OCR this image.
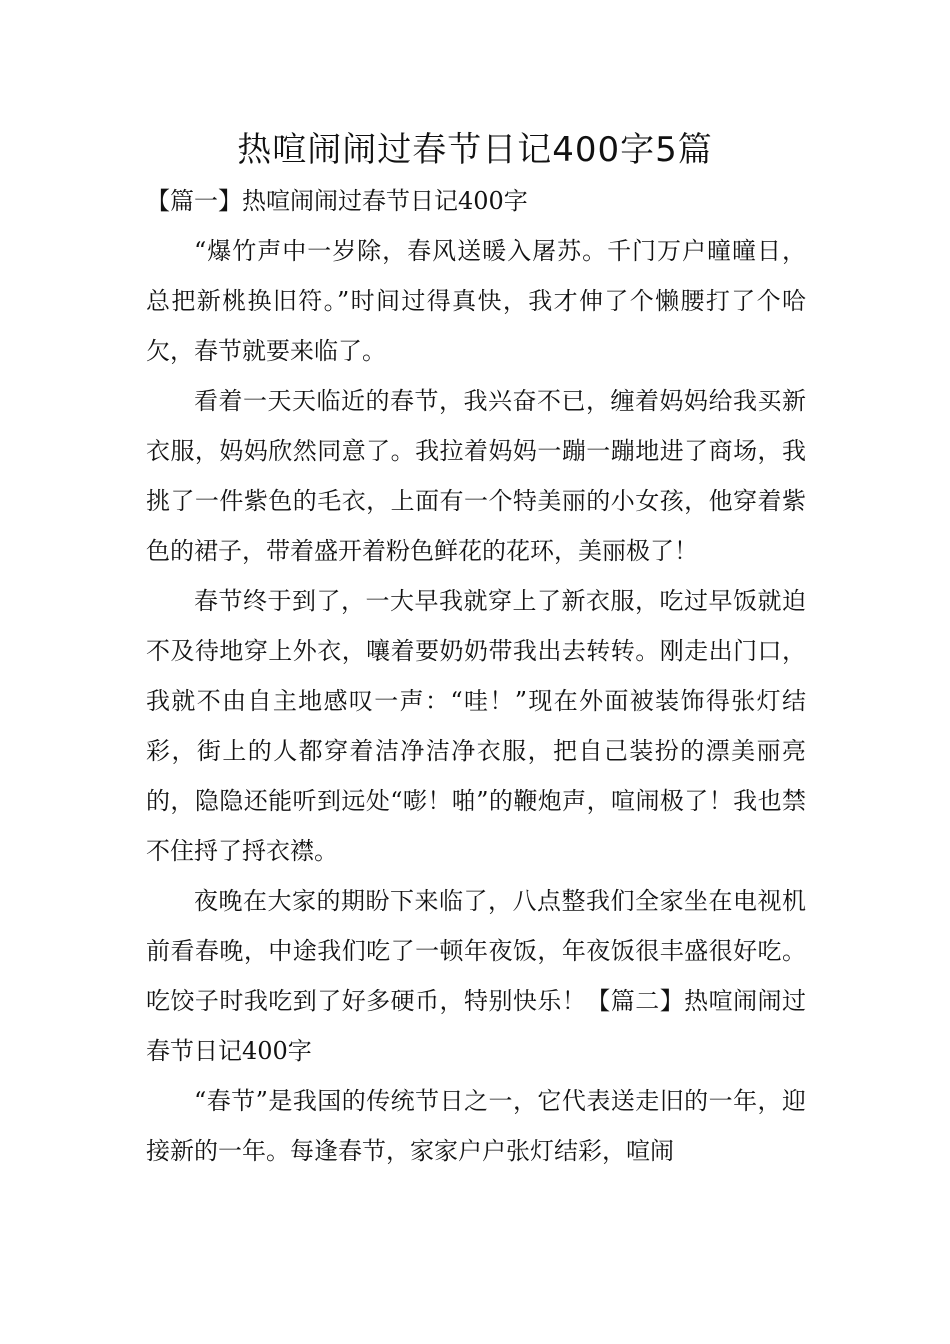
热喧闹闹过春节日记400字5篇

【篇一】热喧闹闹过春节日记400字

“爆竹声中一岁除，春风送暖入屠苏。千门万户曈曈日，总把新桃换旧符。”时间过得真快，我才伸了个懒腰打了个哈欠，春节就要来临了。

看着一天天临近的春节，我兴奋不已，缠着妈妈给我买新衣服，妈妈欣然同意了。我拉着妈妈一蹦一蹦地进了商场，我挑了一件紫色的毛衣，上面有一个特美丽的小女孩，他穿着紫色的裙子，带着盛开着粉色鲜花的花环，美丽极了！

春节终于到了，一大早我就穿上了新衣服，吃过早饭就迫不及待地穿上外衣，嚷着要奶奶带我出去转转。刚走出门口，我就不由自主地感叹一声：“哇！”现在外面被装饰得张灯结彩，街上的人都穿着洁净洁净衣服，把自己装扮的漂美丽亮的，隐隐还能听到远处“嘭！啪”的鞭炮声，喧闹极了！我也禁不住捋了捋衣襟。

夜晚在大家的期盼下来临了，八点整我们全家坐在电视机前看春晚，中途我们吃了一顿年夜饭，年夜饭很丰盛很好吃。吃饺子时我吃到了好多硬币，特别快乐！【篇二】热喧闹闹过春节日记400字

“春节”是我国的传统节日之一，它代表送走旧的一年，迎接新的一年。每逢春节，家家户户张灯结彩，喧闹
